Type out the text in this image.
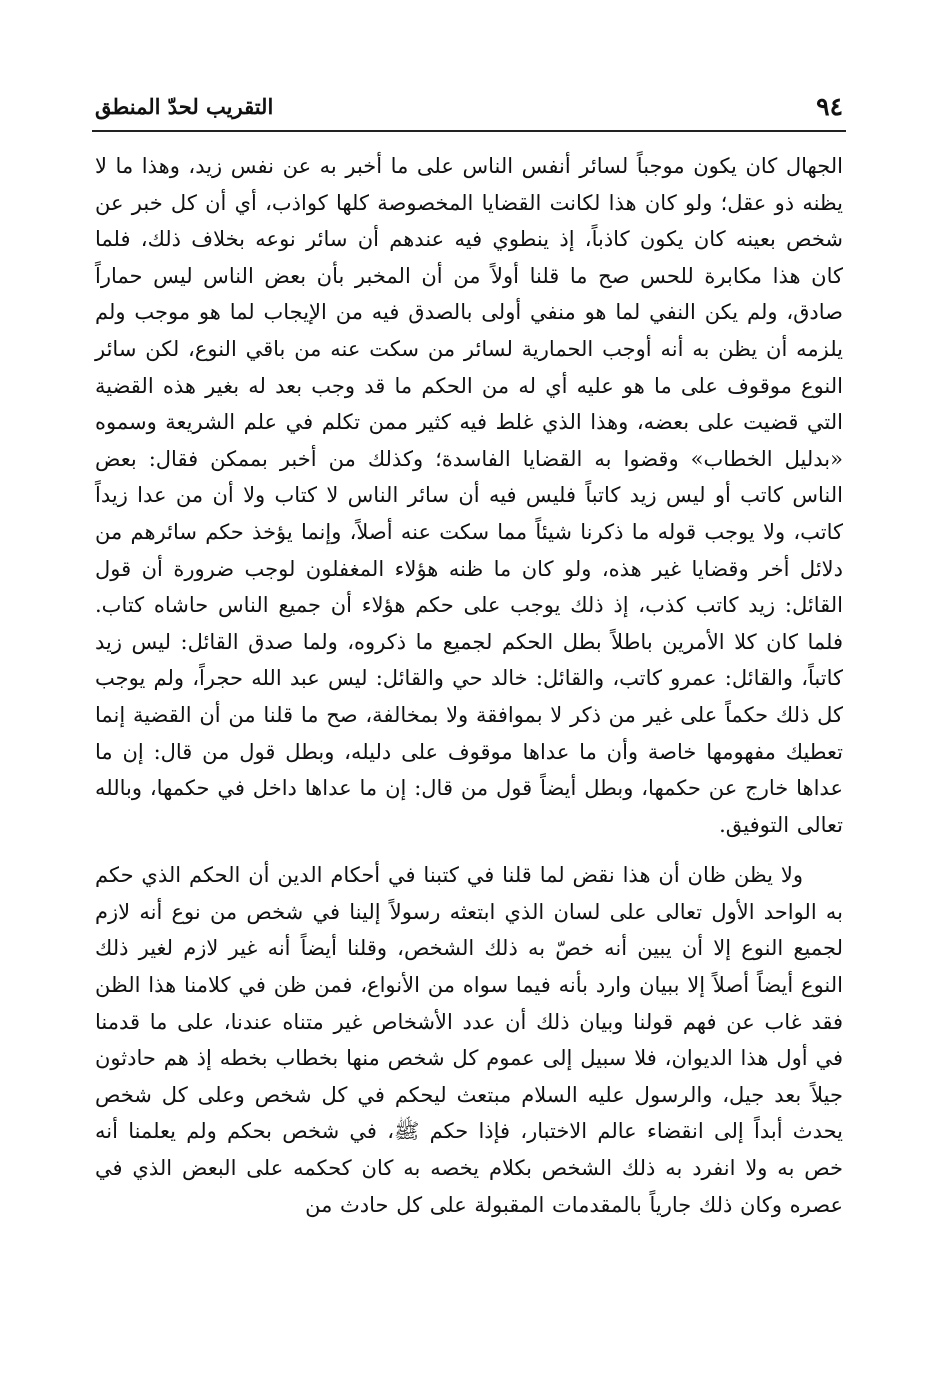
٩٤
التقريب لحدّ المنطق

الجهال كان يكون موجباً لسائر أنفس الناس على ما أخبر به عن نفس زيد، وهذا ما لا يظنه ذو عقل؛ ولو كان هذا لكانت القضايا المخصوصة كلها كواذب، أي أن كل خبر عن شخص بعينه كان يكون كاذباً، إذ ينطوي فيه عندهم أن سائر نوعه بخلاف ذلك، فلما كان هذا مكابرة للحس صح ما قلنا أولاً من أن المخبر بأن بعض الناس ليس حماراً صادق، ولم يكن النفي لما هو منفي أولى بالصدق فيه من الإيجاب لما هو موجب ولم يلزمه أن يظن به أنه أوجب الحمارية لسائر من سكت عنه من باقي النوع، لكن سائر النوع موقوف على ما هو عليه أي له من الحكم ما قد وجب بعد له بغير هذه القضية التي قضيت على بعضه، وهذا الذي غلط فيه كثير ممن تكلم في علم الشريعة وسموه «بدليل الخطاب» وقضوا به القضايا الفاسدة؛ وكذلك من أخبر بممكن فقال: بعض الناس كاتب أو ليس زيد كاتباً فليس فيه أن سائر الناس لا كتاب ولا أن من عدا زيداً كاتب، ولا يوجب قوله ما ذكرنا شيئاً مما سكت عنه أصلاً، وإنما يؤخذ حكم سائرهم من دلائل أخر وقضايا غير هذه، ولو كان ما ظنه هؤلاء المغفلون لوجب ضرورة أن قول القائل: زيد كاتب كذب، إذ ذلك يوجب على حكم هؤلاء أن جميع الناس حاشاه كتاب. فلما كان كلا الأمرين باطلاً بطل الحكم لجميع ما ذكروه، ولما صدق القائل: ليس زيد كاتباً، والقائل: عمرو كاتب، والقائل: خالد حي والقائل: ليس عبد الله حجراً، ولم يوجب كل ذلك حكماً على غير من ذكر لا بموافقة ولا بمخالفة، صح ما قلنا من أن القضية إنما تعطيك مفهومها خاصة وأن ما عداها موقوف على دليله، وبطل قول من قال: إن ما عداها خارج عن حكمها، وبطل أيضاً قول من قال: إن ما عداها داخل في حكمها، وبالله تعالى التوفيق.

ولا يظن ظان أن هذا نقض لما قلنا في كتبنا في أحكام الدين أن الحكم الذي حكم به الواحد الأول تعالى على لسان الذي ابتعثه رسولاً إلينا في شخص من نوع أنه لازم لجميع النوع إلا أن يبين أنه خصّ به ذلك الشخص، وقلنا أيضاً أنه غير لازم لغير ذلك النوع أيضاً أصلاً إلا ببيان وارد بأنه فيما سواه من الأنواع، فمن ظن في كلامنا هذا الظن فقد غاب عن فهم قولنا وبيان ذلك أن عدد الأشخاص غير متناه عندنا، على ما قدمنا في أول هذا الديوان، فلا سبيل إلى عموم كل شخص منها بخطاب بخطه إذ هم حادثون جيلاً بعد جيل، والرسول عليه السلام مبتعث ليحكم في كل شخص وعلى كل شخص يحدث أبداً إلى انقضاء عالم الاختبار، فإذا حكم ﷺ، في شخص بحكم ولم يعلمنا أنه خص به ولا انفرد به ذلك الشخص بكلام يخصه به كان كحكمه على البعض الذي في عصره وكان ذلك جارياً بالمقدمات المقبولة على كل حادث من
